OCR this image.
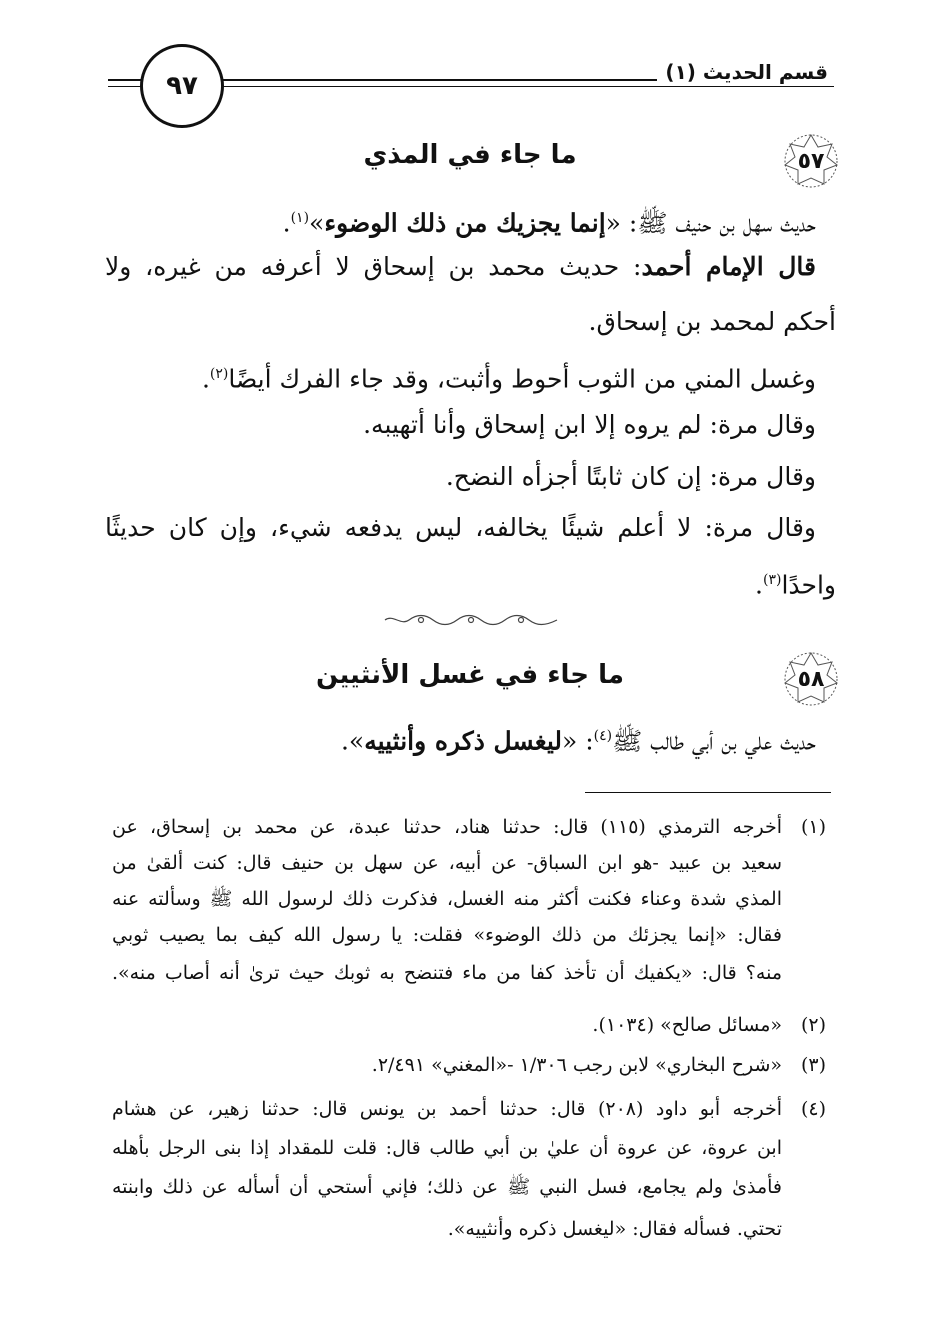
٩٧	قسم الحديث (١)
٥٧
ما جاء في المذي
حديث سهل بن حنيف ﷺ: «إنما يجزيك من ذلك الوضوء»$^{(١)}$.
قال الإمام أحمد: حديث محمد بن إسحاق لا أعرفه من غيره، ولا
أحكم لمحمد بن إسحاق.
وغسل المني من الثوب أحوط وأثبت، وقد جاء الفرك أيضًا$^{(٢)}$.
وقال مرة: لم يروه إلا ابن إسحاق وأنا أتهيبه.
وقال مرة: إن كان ثابتًا أجزأه النضح.
وقال مرة: لا أعلم شيئًا يخالفه، ليس يدفعه شيء، وإن كان حديثًا
واحدًا$^{(٣)}$.
٥٨
ما جاء في غسل الأنثيين
حديث علي بن أبي طالب ﷺ$^{(٤)}$: «ليغسل ذكره وأنثييه».
(١)
أخرجه الترمذي (١١٥) قال: حدثنا هناد، حدثنا عبدة، عن محمد بن إسحاق، عن
سعيد بن عبيد -هو ابن السباق- عن أبيه، عن سهل بن حنيف قال: كنت ألقىٰ من
المذي شدة وعناء فكنت أكثر منه الغسل، فذكرت ذلك لرسول الله ﷺ وسألته عنه
فقال: «إنما يجزئك من ذلك الوضوء» فقلت: يا رسول الله كيف بما يصيب ثوبي
منه؟ قال: «يكفيك أن تأخذ كفا من ماء فتنضح به ثوبك حيث ترىٰ أنه أصاب منه».
(٢)
«مسائل صالح» (١٠٣٤).
(٣)
«شرح البخاري» لابن رجب ١/٣٠٦ -«المغني» ٢/٤٩١.
(٤)
أخرجه أبو داود (٢٠٨) قال: حدثنا أحمد بن يونس قال: حدثنا زهير، عن هشام
ابن عروة، عن عروة أن عليٰ بن أبي طالب قال: قلت للمقداد إذا بنى الرجل بأهله
فأمذىٰ ولم يجامع، فسل النبي ﷺ عن ذلك؛ فإني أستحي أن أسأله عن ذلك وابنته
تحتي. فسأله فقال: «ليغسل ذكره وأنثييه».
